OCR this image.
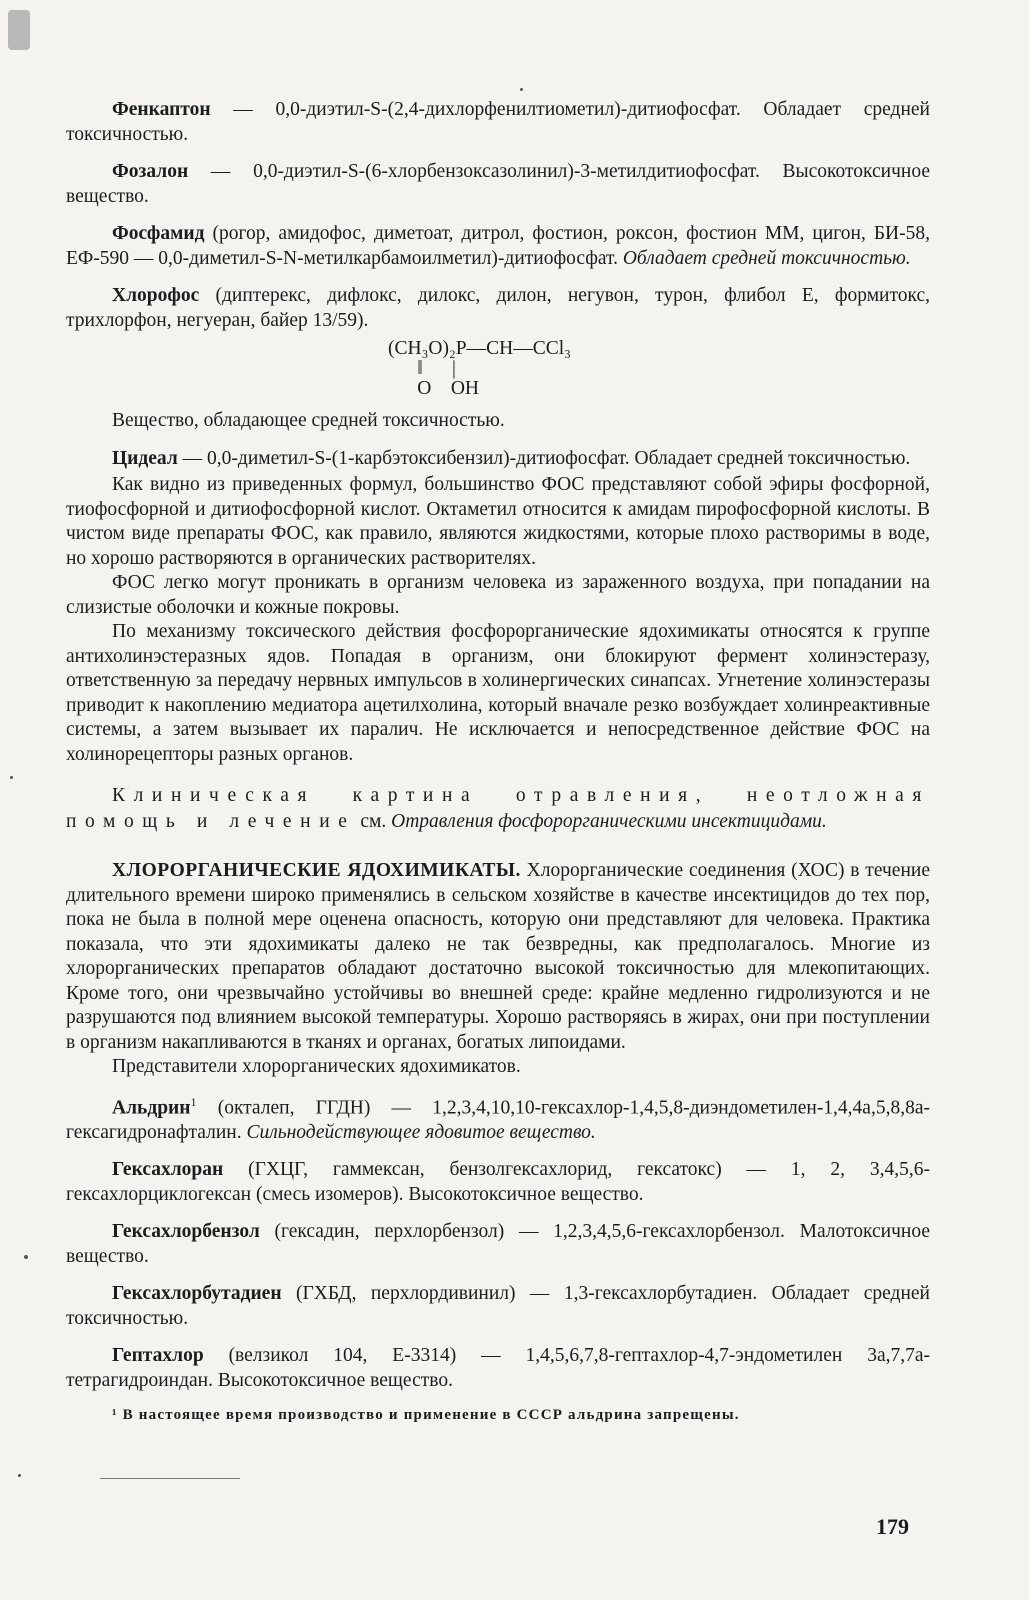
Фенкаптон — 0,0-диэтил-S-(2,4-дихлорфенилтиометил)-дитиофосфат. Обладает средней токсичностью.

Фозалон — 0,0-диэтил-S-(6-хлорбензоксазолинил)-3-метилдитиофосфат. Высокотоксичное вещество.

Фосфамид (рогор, амидофос, диметоат, дитрол, фостион, роксон, фостион ММ, цигон, БИ-58, ЕФ-590 — 0,0-диметил-S-N-метилкарбамоилметил)-дитиофосфат. Обладает средней токсичностью.

Хлорофос (диптерекс, дифлокс, дилокс, дилон, негувон, турон, флибол Е, формитокс, трихлорфон, негуеран, байер 13/59).

(CH₃O)₂P—CH—CCl₃
‖      |
O    OH

Вещество, обладающее средней токсичностью.

Цидеал — 0,0-диметил-S-(1-карбэтоксибензил)-дитиофосфат. Обладает средней токсичностью.

Как видно из приведенных формул, большинство ФОС представляют собой эфиры фосфорной, тиофосфорной и дитиофосфорной кислот. Октаметил относится к амидам пирофосфорной кислоты. В чистом виде препараты ФОС, как правило, являются жидкостями, которые плохо растворимы в воде, но хорошо растворяются в органических растворителях.

ФОС легко могут проникать в организм человека из зараженного воздуха, при попадании на слизистые оболочки и кожные покровы.

По механизму токсического действия фосфорорганические ядохимикаты относятся к группе антихолинэстеразных ядов. Попадая в организм, они блокируют фермент холинэстеразу, ответственную за передачу нервных импульсов в холинергических синапсах. Угнетение холинэстеразы приводит к накоплению медиатора ацетилхолина, который вначале резко возбуждает холинреактивные системы, а затем вызывает их паралич. Не исключается и непосредственное действие ФОС на холинорецепторы разных органов.

Клиническая картина отравления, неотложная помощь и лечение см. Отравления фосфорорганическими инсектицидами.

ХЛОРОРГАНИЧЕСКИЕ ЯДОХИМИКАТЫ. Хлорорганические соединения (ХОС) в течение длительного времени широко применялись в сельском хозяйстве в качестве инсектицидов до тех пор, пока не была в полной мере оценена опасность, которую они представляют для человека. Практика показала, что эти ядохимикаты далеко не так безвредны, как предполагалось. Многие из хлорорганических препаратов обладают достаточно высокой токсичностью для млекопитающих. Кроме того, они чрезвычайно устойчивы во внешней среде: крайне медленно гидролизуются и не разрушаются под влиянием высокой температуры. Хорошо растворяясь в жирах, они при поступлении в организм накапливаются в тканях и органах, богатых липоидами.

Представители хлорорганических ядохимикатов.

Альдрин$^1$ (окталеп, ГГДН) — 1,2,3,4,10,10-гексахлор-1,4,5,8-диэндометилен-1,4,4а,5,8,8а-гексагидронафталин. Сильнодействующее ядовитое вещество.

Гексахлоран (ГХЦГ, гаммексан, бензолгексахлорид, гексатокс) — 1, 2, 3,4,5,6-гексахлорциклогексан (смесь изомеров). Высокотоксичное вещество.

Гексахлорбензол (гексадин, перхлорбензол) — 1,2,3,4,5,6-гексахлорбензол. Малотоксичное вещество.

Гексахлорбутадиен (ГХБД, перхлордивинил) — 1,3-гексахлорбутадиен. Обладает средней токсичностью.

Гептахлор (велзикол 104, Е-3314) — 1,4,5,6,7,8-гептахлор-4,7-эндометилен 3а,7,7а-тетрагидроиндан. Высокотоксичное вещество.

¹ В настоящее время производство и применение в СССР альдрина запрещены.

179
